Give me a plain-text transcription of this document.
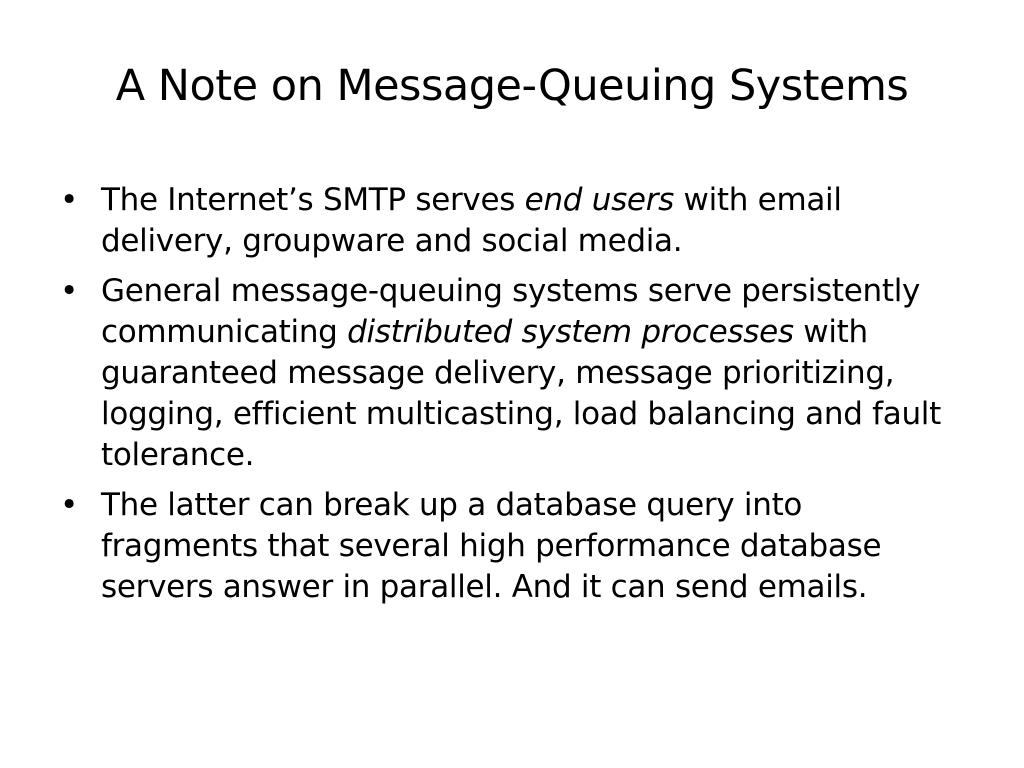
A Note on Message-Queuing Systems
• The Internet’s SMTP serves end users with email delivery, groupware and social media.
• General message-queuing systems serve persistently communicating distributed system processes with guaranteed message delivery, message prioritizing, logging, efficient multicasting, load balancing and fault tolerance.
• The latter can break up a database query into fragments that several high performance database servers answer in parallel. And it can send emails.
